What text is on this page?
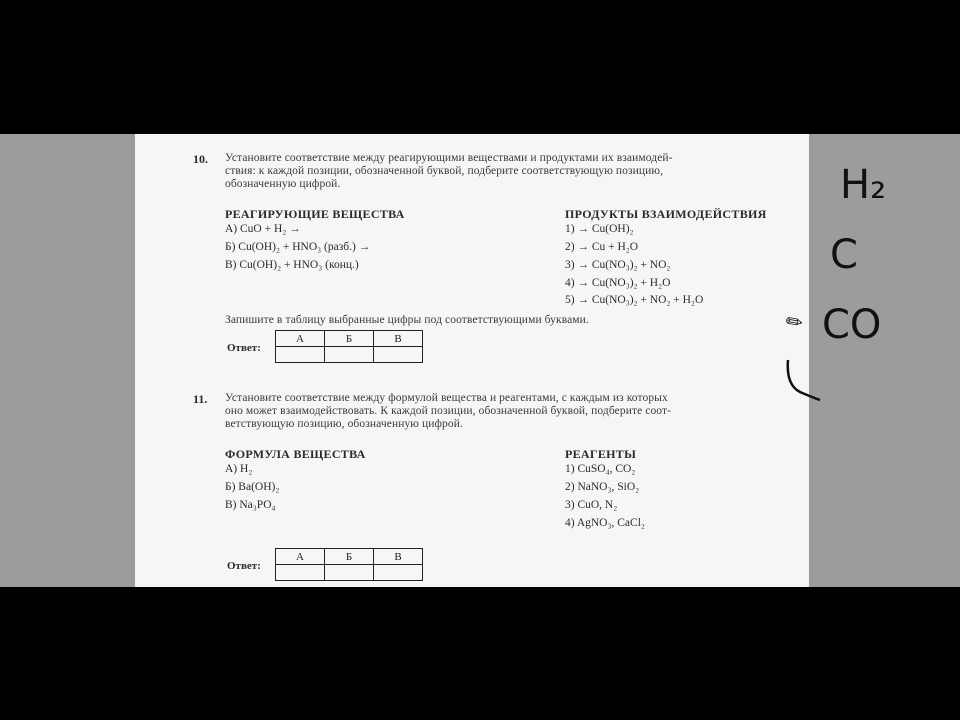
10. Установите соответствие между реагирующими веществами и продуктами их взаимодей-
ствия: к каждой позиции, обозначенной буквой, подберите соответствующую позицию,
обозначенную цифрой.
РЕАГИРУЮЩИЕ ВЕЩЕСТВА
А) CuO + H₂ →
Б) Cu(OH)₂ + HNO₃ (разб.) →
В) Cu(OH)₂ + HNO₃ (конц.)
ПРОДУКТЫ ВЗАИМОДЕЙСТВИЯ
1) → Cu(OH)₂
2) → Cu + H₂O
3) → Cu(NO₃)₂ + NO₂
4) → Cu(NO₃)₂ + H₂O
5) → Cu(NO₃)₂ + NO₂ + H₂O
Запишите в таблицу выбранные цифры под соответствующими буквами.
Ответ:
А	Б	В

11. Установите соответствие между формулой вещества и реагентами, с каждым из которых
оно может взаимодействовать. К каждой позиции, обозначенной буквой, подберите соот-
ветствующую позицию, обозначенную цифрой.
ФОРМУЛА ВЕЩЕСТВА
А) H₂
Б) Ba(OH)₂
В) Na₃PO₄
РЕАГЕНТЫ
1) CuSO₄, CO₂
2) NaNO₃, SiO₂
3) CuO, N₂
4) AgNO₃, CaCl₂
Ответ:
А	Б	В

H₂
C
CO
✎
